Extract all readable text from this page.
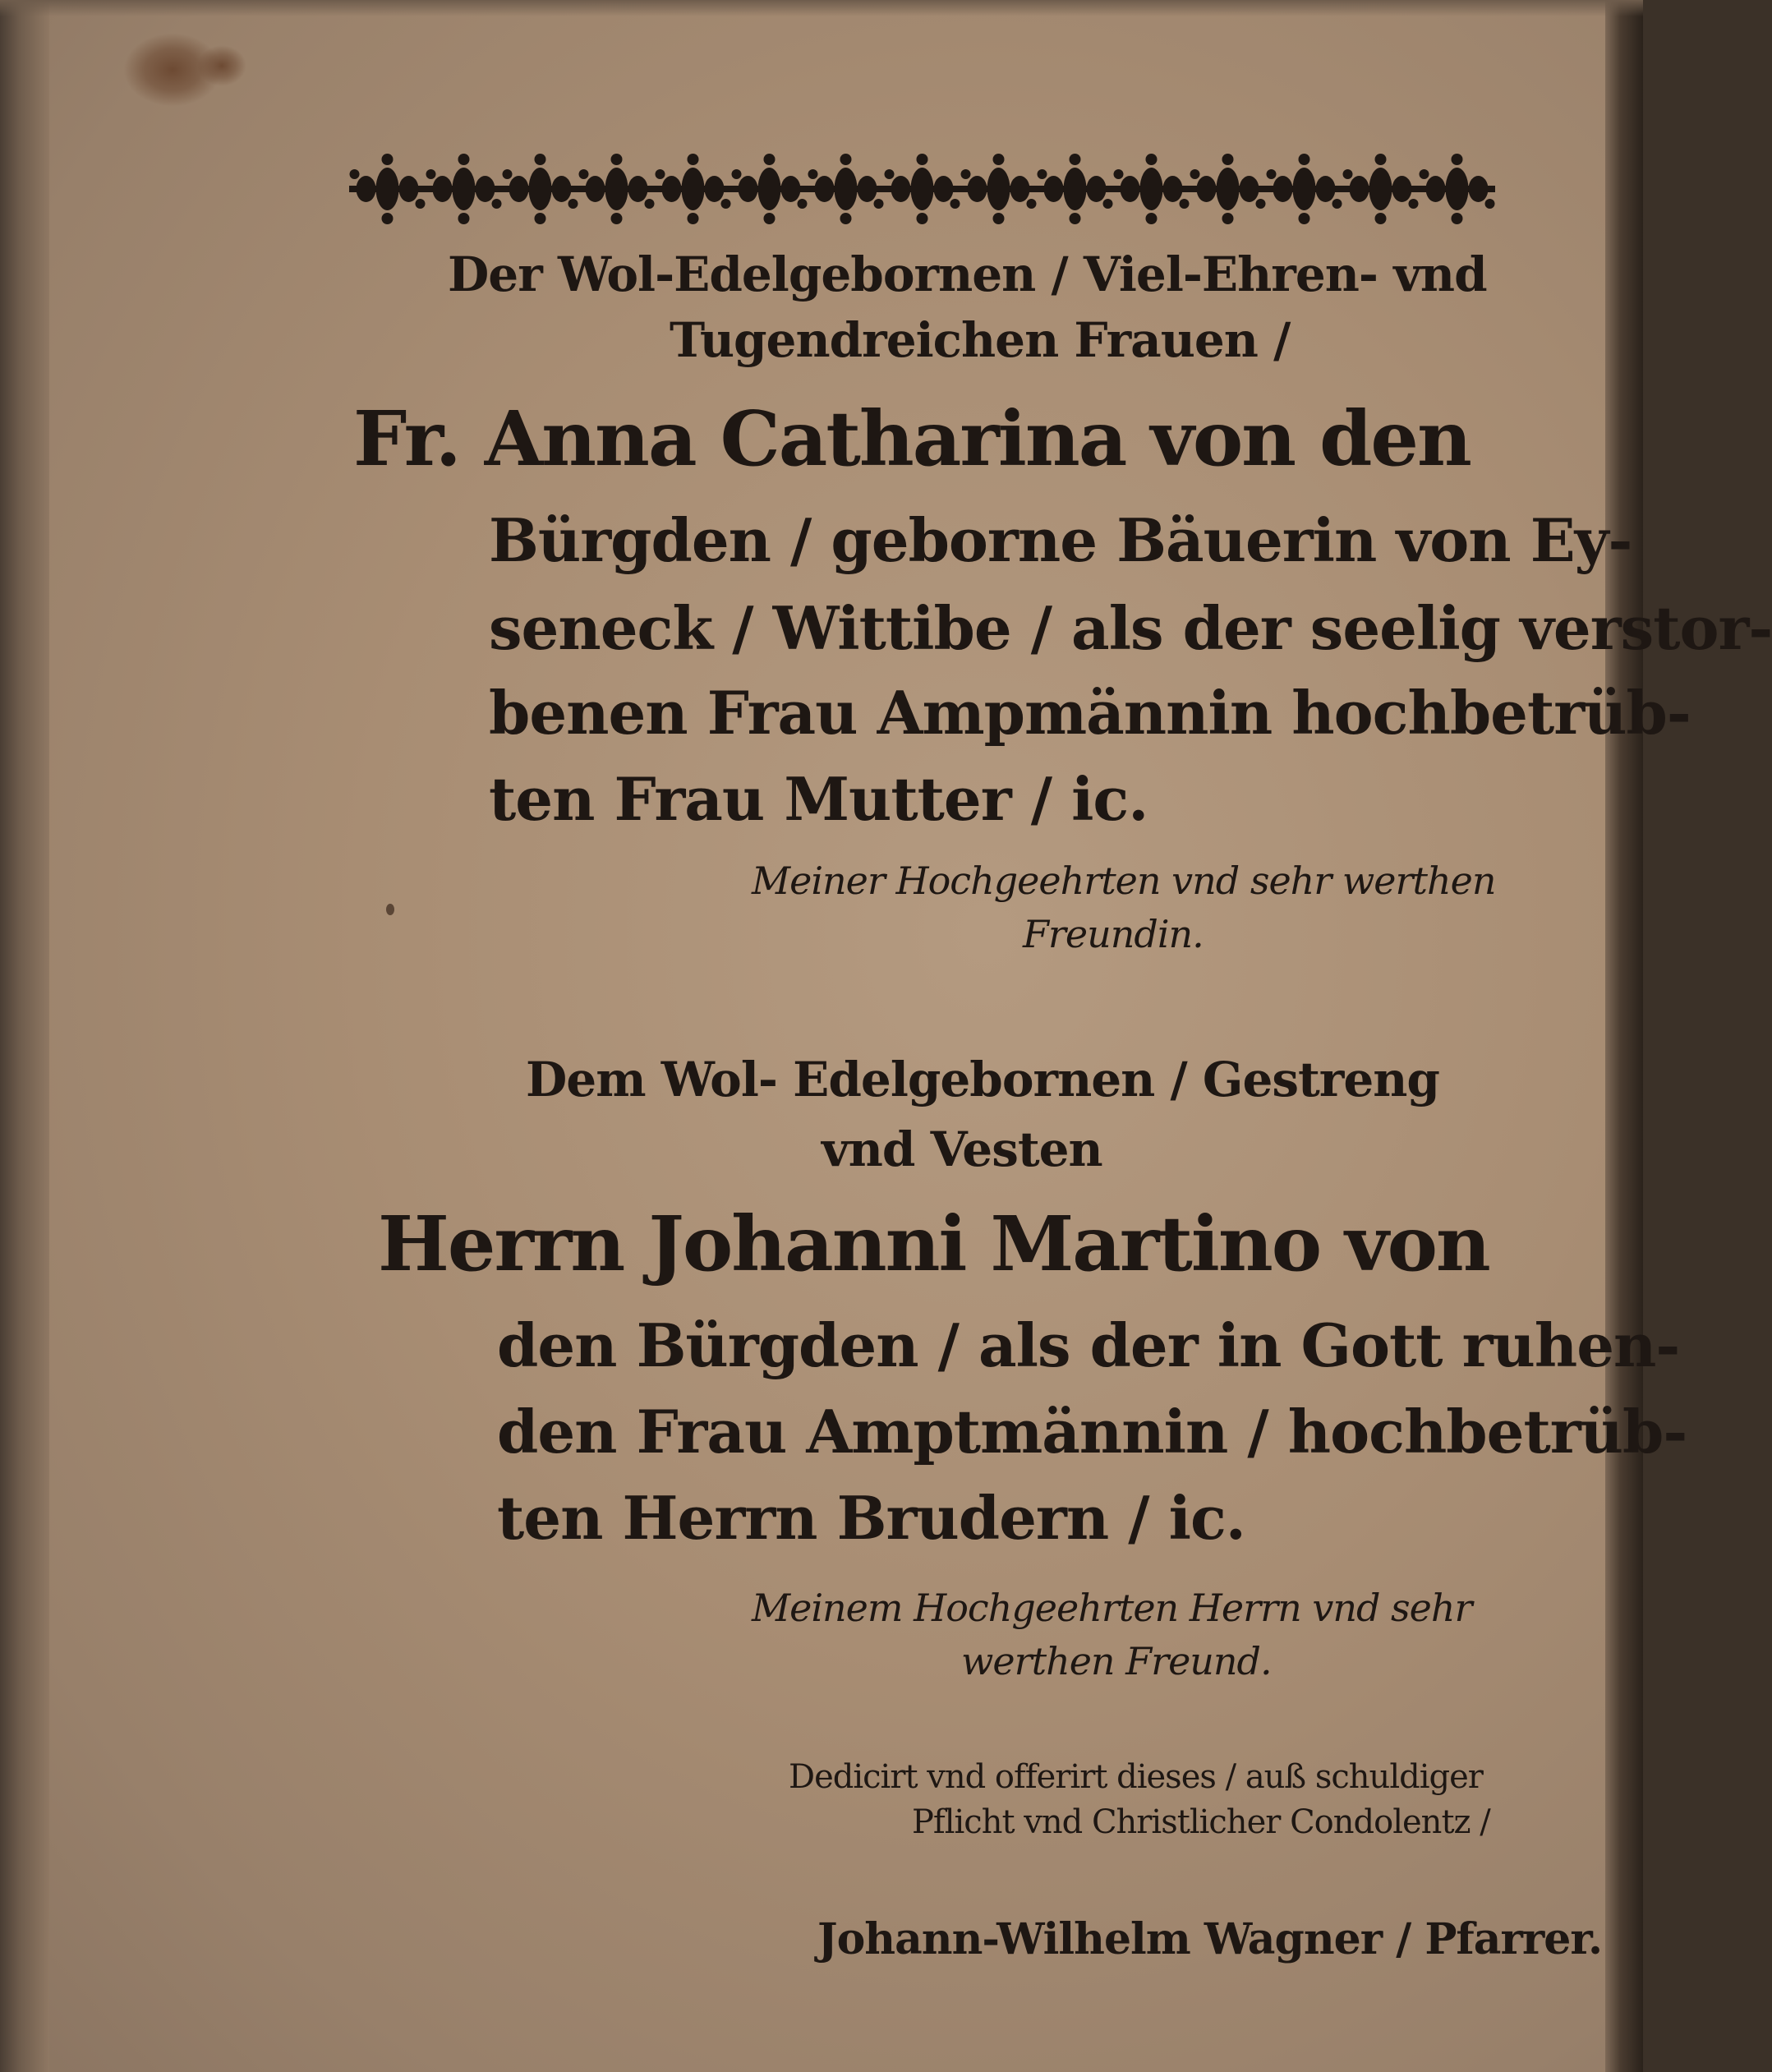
Der Wol-Edelgebornen / Viel-Ehren- vnd

Tugendreichen Frauen /

Fr. Anna Catharina von den

Bürgden / geborne Bäuerin von Ey-

seneck / Wittibe / als der seelig verstor-

benen Frau Ampmännin hochbetrüb-

ten Frau Mutter / ic.

Meiner Hochgeehrten vnd sehr werthen

Freundin.

Dem Wol- Edelgebornen / Gestreng

vnd Vesten

Herrn Johanni Martino von

den Bürgden / als der in Gott ruhen-

den Frau Amptmännin / hochbetrüb-

ten Herrn Brudern / ic.

Meinem Hochgeehrten Herrn vnd sehr

werthen Freund.

Dedicirt vnd offerirt dieses / auß schuldiger

Pflicht vnd Christlicher Condolentz /

Johann-Wilhelm Wagner / Pfarrer.
